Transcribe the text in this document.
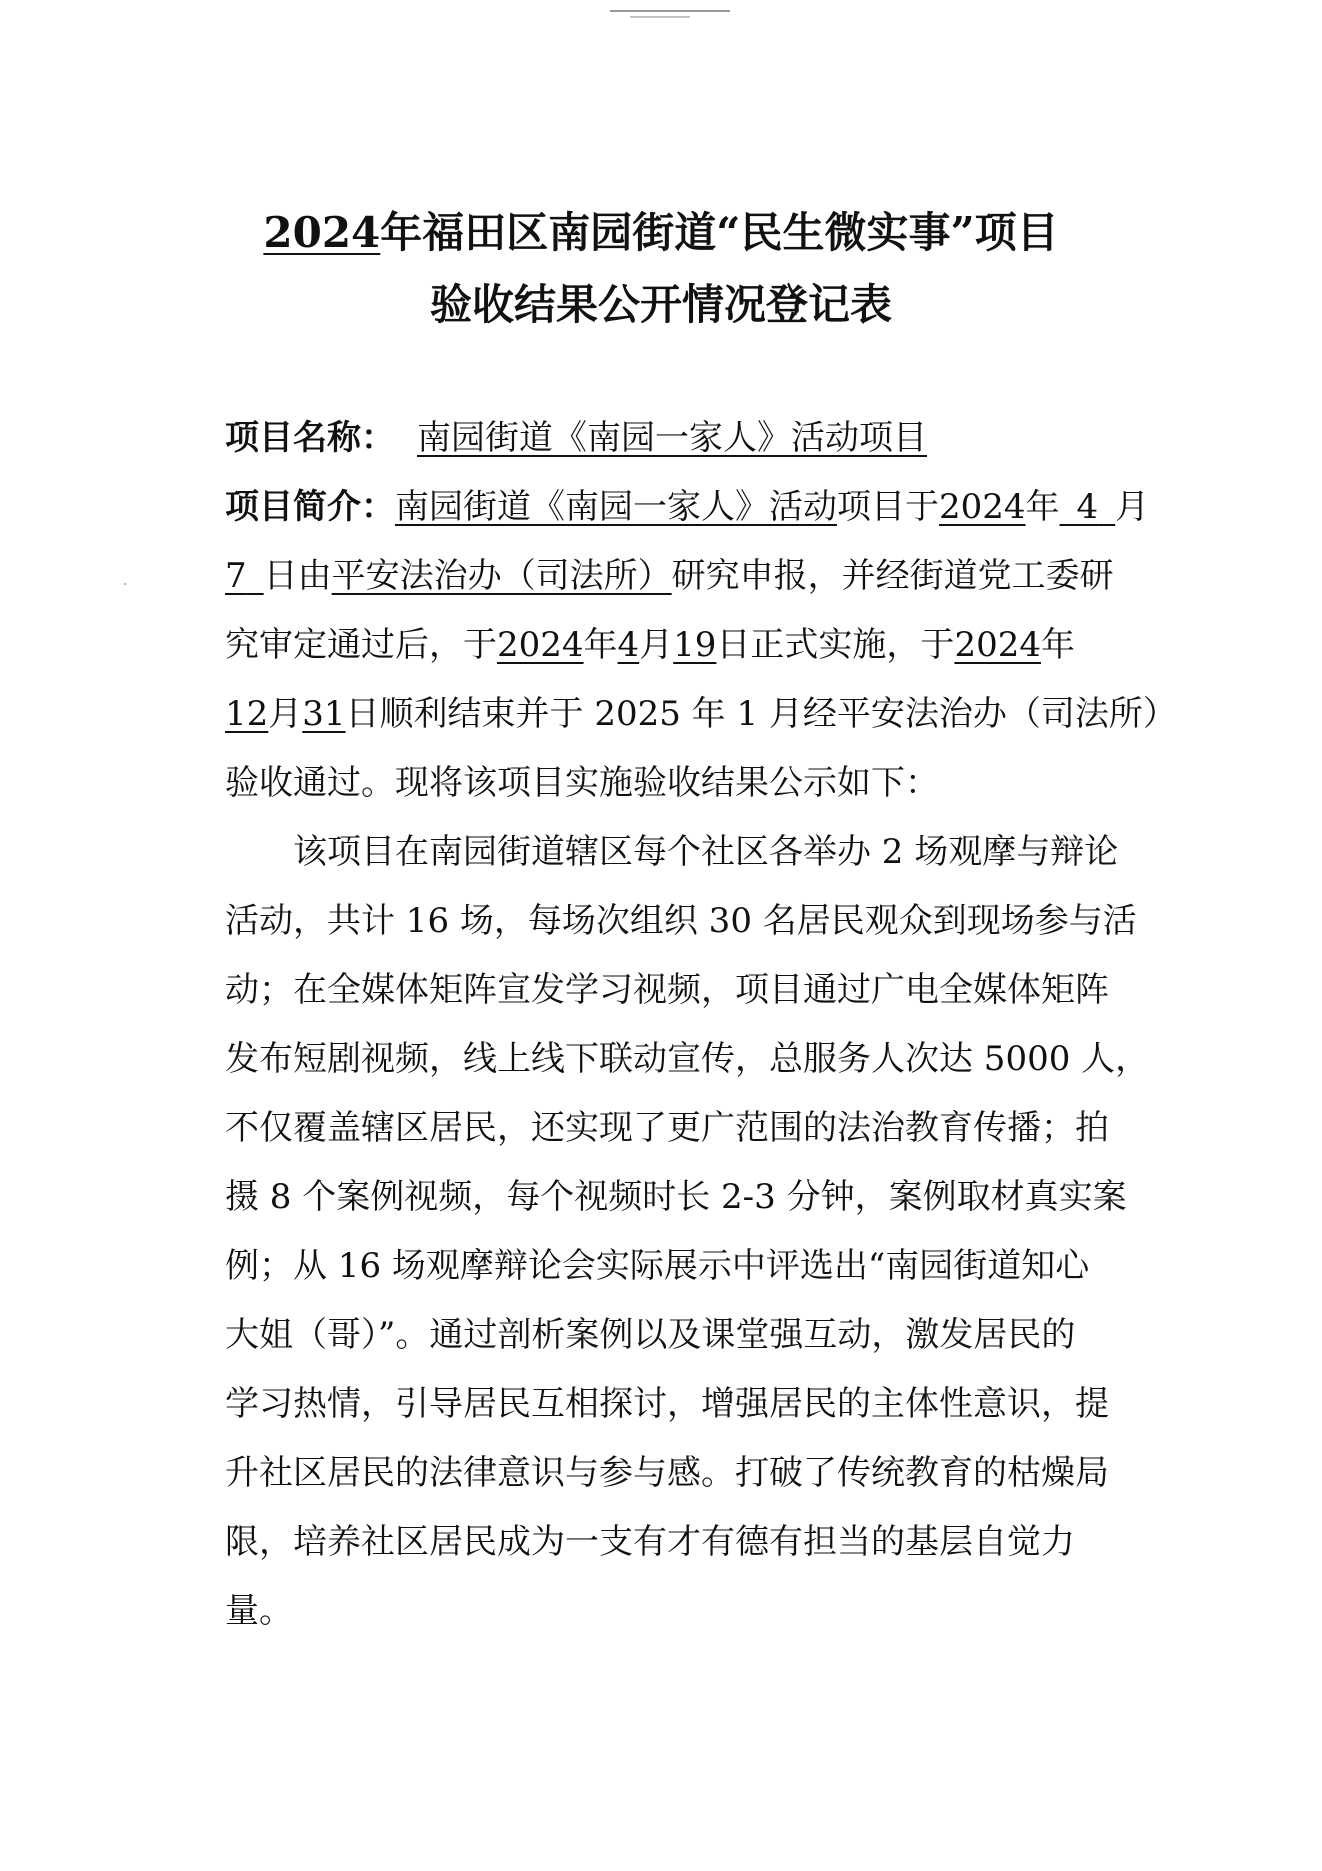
2024年福田区南园街道“民生微实事”项目
验收结果公开情况登记表
项目名称： 南园街道《南园一家人》活动项目
项目简介：南园街道《南园一家人》活动项目于2024年  4  月
7  日由平安法治办（司法所）研究申报，并经街道党工委研
究审定通过后，于2024年4月19日正式实施，于2024年
12月31日顺利结束并于 2025 年 1 月经平安法治办（司法所）
验收通过。现将该项目实施验收结果公示如下：
该项目在南园街道辖区每个社区各举办 2 场观摩与辩论
活动，共计 16 场，每场次组织 30 名居民观众到现场参与活
动；在全媒体矩阵宣发学习视频，项目通过广电全媒体矩阵
发布短剧视频，线上线下联动宣传，总服务人次达 5000 人，
不仅覆盖辖区居民，还实现了更广范围的法治教育传播；拍
摄 8 个案例视频，每个视频时长 2-3 分钟，案例取材真实案
例；从 16 场观摩辩论会实际展示中评选出“南园街道知心
大姐（哥）”。通过剖析案例以及课堂强互动，激发居民的
学习热情，引导居民互相探讨，增强居民的主体性意识，提
升社区居民的法律意识与参与感。打破了传统教育的枯燥局
限，培养社区居民成为一支有才有德有担当的基层自觉力
量。
